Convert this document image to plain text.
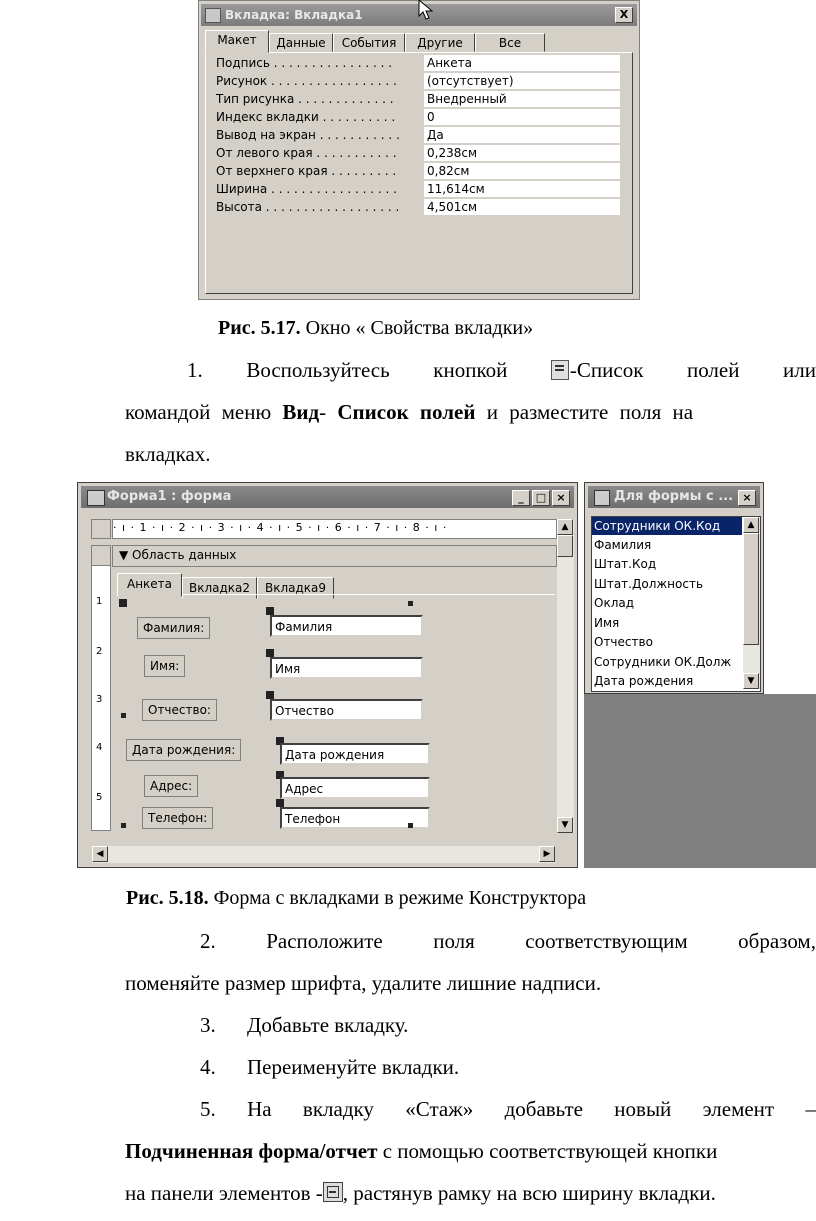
Вкладка: Вкладка1	X
Макет	Данные	События	Другие	Все
Подпись . . . . . . . . . . . . . . . .	Анкета
Рисунок . . . . . . . . . . . . . . . . .	(отсутствует)
Тип рисунка . . . . . . . . . . . . .	Внедренный
Индекс вкладки . . . . . . . . . .	0
Вывод на экран . . . . . . . . . . .	Да
От левого края . . . . . . . . . . .	0,238см
От верхнего края . . . . . . . . .	0,82см
Ширина . . . . . . . . . . . . . . . . .	11,614см
Высота . . . . . . . . . . . . . . . . . .	4,501см
Рис. 5.17. Окно « Свойства вкладки»
1. Воспользуйтесь кнопкой	-Список полей или
командой меню Вид- Список полей и разместите поля на
вкладках.
Форма1 : форма	_	□ ×
· ı · 1 · ı · 2 · ı · 3 · ı · 4 · ı · 5 · ı · 6 · ı · 7 · ı · 8 · ı ·
▼ Область данных
1
2
3
4
5
Анкета	Вкладка2	Вкладка9
Фамилия:	Фамилия
Имя:	Имя
Отчество:	Отчество
Дата рождения:	Дата рождения
Адрес:	Адрес
Телефон:	Телефон
▲
▼
◀	▶
Для формы с ... ×
Сотрудники ОК.Код
Фамилия
Штат.Код
Штат.Должность
Оклад
Имя
Отчество
Сотрудники ОК.Долж
Дата рождения
▲
▼
Рис. 5.18. Форма с вкладками в режиме Конструктора
2. Расположите поля соответствующим образом,
поменяйте размер шрифта, удалите лишние надписи.
3. Добавьте вкладку.
4. Переименуйте вкладки.
5. На вкладку «Стаж» добавьте новый элемент –
Подчиненная форма/отчет с помощью соответствующей кнопки
на панели элементов - , растянув рамку на всю ширину вкладки.
